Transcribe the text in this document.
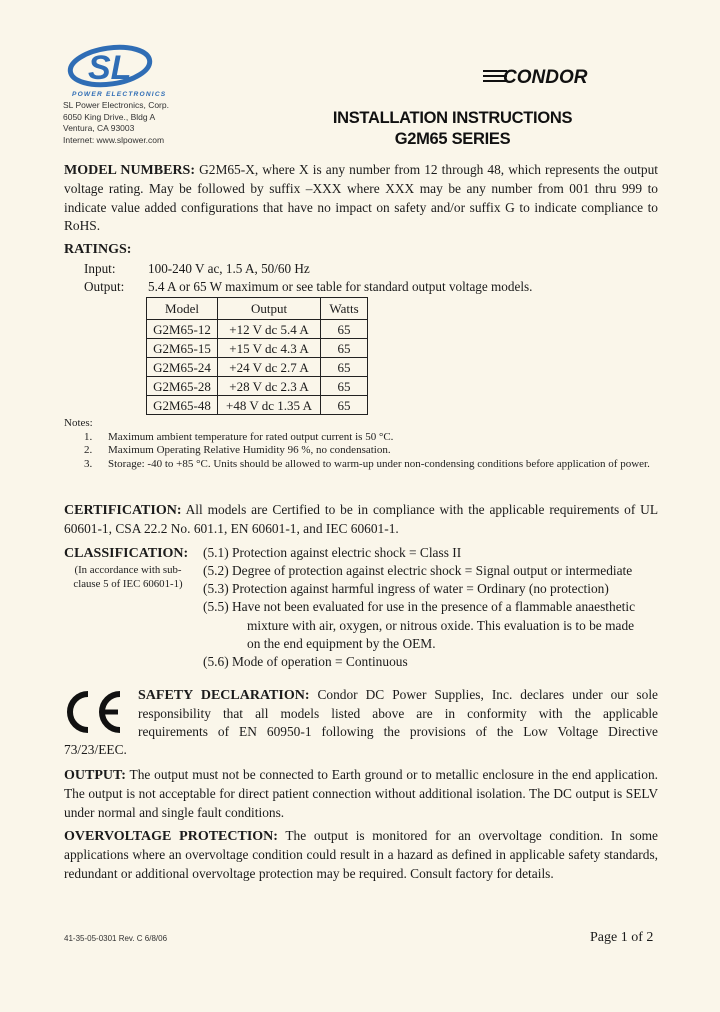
SL
POWER ELECTRONICS
SL Power Electronics, Corp.
6050 King Drive., Bldg A
Ventura, CA 93003
Internet: www.slpower.com
CONDOR
INSTALLATION INSTRUCTIONS
G2M65 SERIES
MODEL NUMBERS: G2M65-X, where X is any number from 12 through 48, which represents the output voltage rating. May be followed by suffix –XXX where XXX may be any number from 001 thru 999 to indicate value added configurations that have no impact on safety and/or suffix G to indicate compliance to RoHS.
RATINGS:
Input: 100-240 V ac, 1.5 A, 50/60 Hz
Output: 5.4 A or 65 W maximum or see table for standard output voltage models.
Model	Output	Watts
G2M65-12	+12 V dc 5.4 A	65
G2M65-15	+15 V dc 4.3 A	65
G2M65-24	+24 V dc 2.7 A	65
G2M65-28	+28 V dc 2.3 A	65
G2M65-48	+48 V dc 1.35 A	65
Notes:
1. Maximum ambient temperature for rated output current is 50 °C.
2. Maximum Operating Relative Humidity 96 %, no condensation.
3. Storage: -40 to +85 °C. Units should be allowed to warm-up under non-condensing conditions before application of power.
CERTIFICATION: All models are Certified to be in compliance with the applicable requirements of UL 60601-1, CSA 22.2 No. 601.1, EN 60601-1, and IEC 60601-1.
CLASSIFICATION:
(In accordance with sub-clause 5 of IEC 60601-1)
(5.1) Protection against electric shock = Class II
(5.2) Degree of protection against electric shock = Signal output or intermediate
(5.3) Protection against harmful ingress of water = Ordinary (no protection)
(5.5) Have not been evaluated for use in the presence of a flammable anaesthetic
mixture with air, oxygen, or nitrous oxide. This evaluation is to be made
on the end equipment by the OEM.
(5.6) Mode of operation = Continuous
SAFETY DECLARATION: Condor DC Power Supplies, Inc. declares under our sole
responsibility that all models listed above are in conformity with the applicable
requirements of EN 60950-1 following the provisions of the Low Voltage Directive
73/23/EEC.
OUTPUT: The output must not be connected to Earth ground or to metallic enclosure in the end application. The output is not acceptable for direct patient connection without additional isolation. The DC output is SELV under normal and single fault conditions.
OVERVOLTAGE PROTECTION: The output is monitored for an overvoltage condition. In some applications where an overvoltage condition could result in a hazard as defined in applicable safety standards, redundant or additional overvoltage protection may be required. Consult factory for details.
41-35-05-0301 Rev. C 6/8/06	Page 1 of 2
